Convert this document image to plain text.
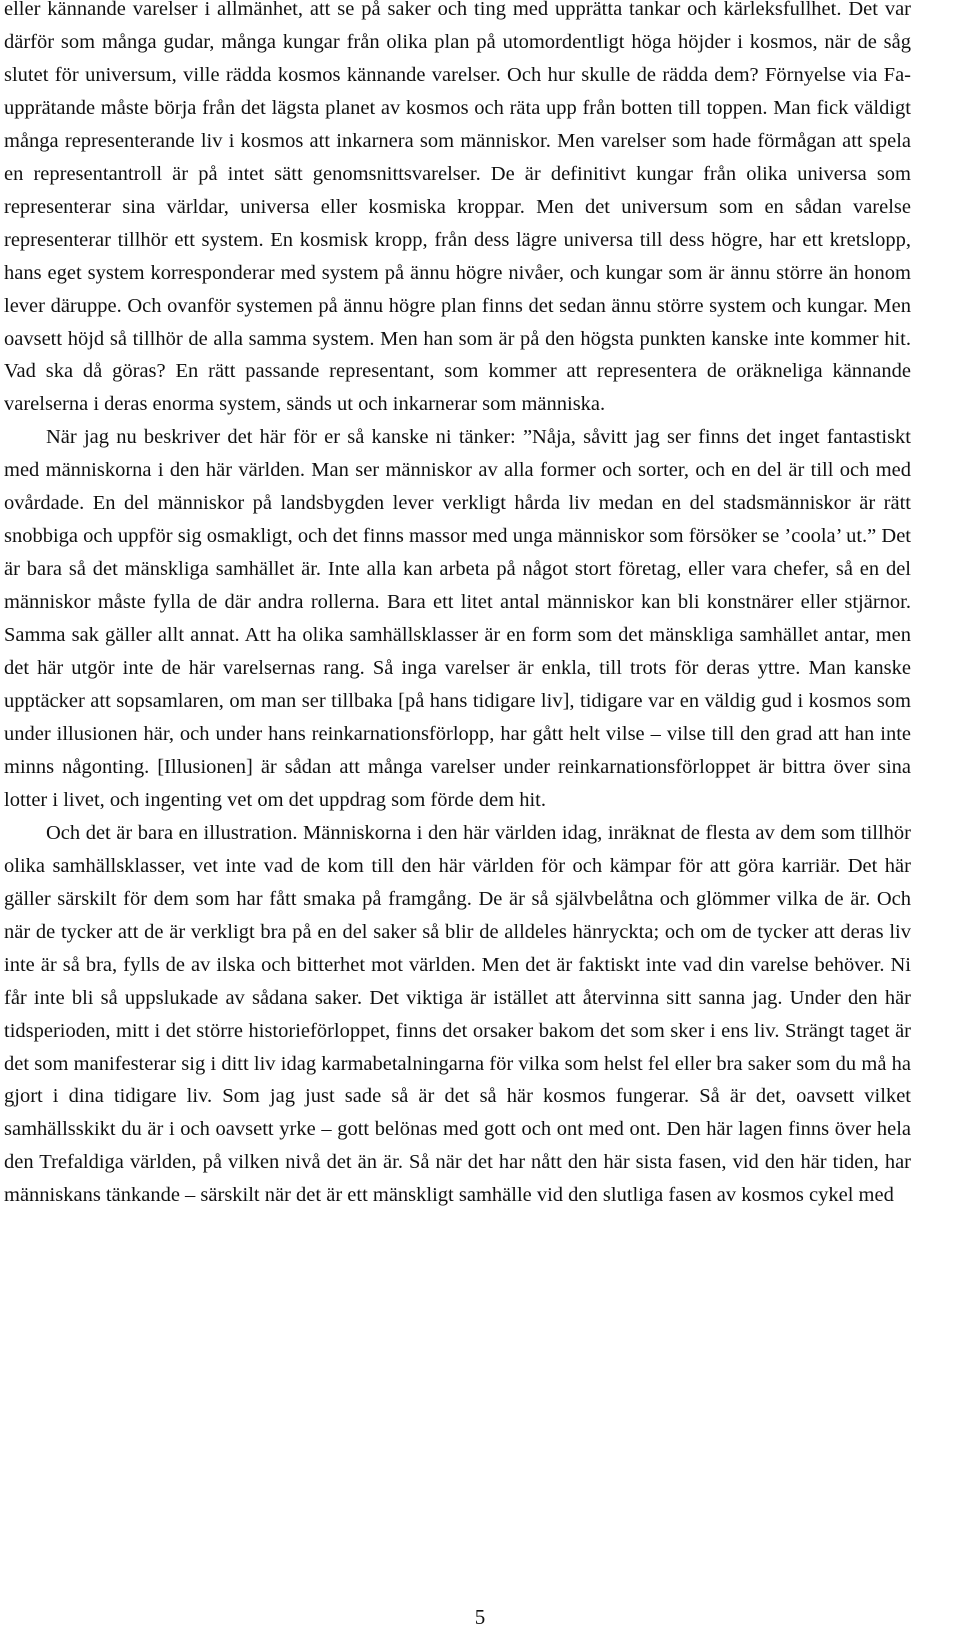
eller kännande varelser i allmänhet, att se på saker och ting med upprätta tankar och kärleksfullhet. Det var därför som många gudar, många kungar från olika plan på utomordentligt höga höjder i kosmos, när de såg slutet för universum, ville rädda kosmos kännande varelser. Och hur skulle de rädda dem? Förnyelse via Fa-upprätande måste börja från det lägsta planet av kosmos och räta upp från botten till toppen. Man fick väldigt många representerande liv i kosmos att inkarnera som människor. Men varelser som hade förmågan att spela en representantroll är på intet sätt genomsnittsvarelser. De är definitivt kungar från olika universa som representerar sina världar, universa eller kosmiska kroppar. Men det universum som en sådan varelse representerar tillhör ett system. En kosmisk kropp, från dess lägre universa till dess högre, har ett kretslopp, hans eget system korresponderar med system på ännu högre nivåer, och kungar som är ännu större än honom lever däruppe. Och ovanför systemen på ännu högre plan finns det sedan ännu större system och kungar. Men oavsett höjd så tillhör de alla samma system. Men han som är på den högsta punkten kanske inte kommer hit. Vad ska då göras? En rätt passande representant, som kommer att representera de oräkneliga kännande varelserna i deras enorma system, sänds ut och inkarnerar som människa.

När jag nu beskriver det här för er så kanske ni tänker: ”Nåja, såvitt jag ser finns det inget fantastiskt med människorna i den här världen. Man ser människor av alla former och sorter, och en del är till och med ovårdade. En del människor på landsbygden lever verkligt hårda liv medan en del stadsmänniskor är rätt snobbiga och uppför sig osmakligt, och det finns massor med unga människor som försöker se ’coola’ ut.” Det är bara så det mänskliga samhället är. Inte alla kan arbeta på något stort företag, eller vara chefer, så en del människor måste fylla de där andra rollerna. Bara ett litet antal människor kan bli konstnärer eller stjärnor. Samma sak gäller allt annat. Att ha olika samhällsklasser är en form som det mänskliga samhället antar, men det här utgör inte de här varelsernas rang. Så inga varelser är enkla, till trots för deras yttre. Man kanske upptäcker att sopsamlaren, om man ser tillbaka [på hans tidigare liv], tidigare var en väldig gud i kosmos som under illusionen här, och under hans reinkarnationsförlopp, har gått helt vilse – vilse till den grad att han inte minns någonting. [Illusionen] är sådan att många varelser under reinkarnationsförloppet är bittra över sina lotter i livet, och ingenting vet om det uppdrag som förde dem hit.

Och det är bara en illustration. Människorna i den här världen idag, inräknat de flesta av dem som tillhör olika samhällsklasser, vet inte vad de kom till den här världen för och kämpar för att göra karriär. Det här gäller särskilt för dem som har fått smaka på framgång. De är så självbelåtna och glömmer vilka de är. Och när de tycker att de är verkligt bra på en del saker så blir de alldeles hänryckta; och om de tycker att deras liv inte är så bra, fylls de av ilska och bitterhet mot världen. Men det är faktiskt inte vad din varelse behöver. Ni får inte bli så uppslukade av sådana saker. Det viktiga är istället att återvinna sitt sanna jag. Under den här tidsperioden, mitt i det större historieförloppet, finns det orsaker bakom det som sker i ens liv. Strängt taget är det som manifesterar sig i ditt liv idag karmabetalningarna för vilka som helst fel eller bra saker som du må ha gjort i dina tidigare liv. Som jag just sade så är det så här kosmos fungerar. Så är det, oavsett vilket samhällsskikt du är i och oavsett yrke – gott belönas med gott och ont med ont. Den här lagen finns över hela den Trefaldiga världen, på vilken nivå det än är. Så när det har nått den här sista fasen, vid den här tiden, har människans tänkande – särskilt när det är ett mänskligt samhälle vid den slutliga fasen av kosmos cykel med

5
